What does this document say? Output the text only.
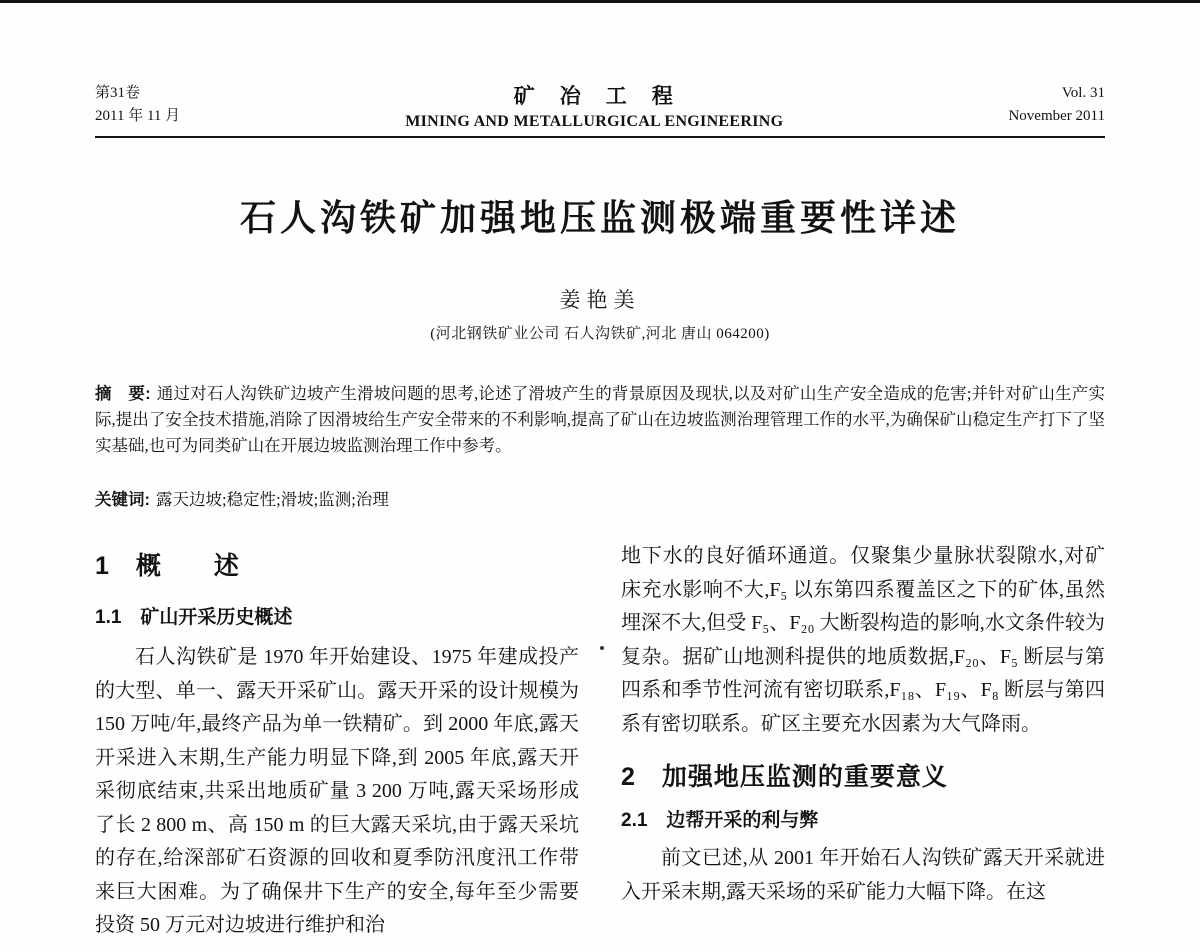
第31卷
2011 年 11 月
矿　冶　工　程
MINING AND METALLURGICAL ENGINEERING
Vol. 31
November 2011
石人沟铁矿加强地压监测极端重要性详述
姜艳美
(河北钢铁矿业公司 石人沟铁矿,河北 唐山 064200)

摘　要: 通过对石人沟铁矿边坡产生滑坡问题的思考,论述了滑坡产生的背景原因及现状,以及对矿山生产安全造成的危害;并针对矿山生产实际,提出了安全技术措施,消除了因滑坡给生产安全带来的不利影响,提高了矿山在边坡监测治理管理工作的水平,为确保矿山稳定生产打下了坚实基础,也可为同类矿山在开展边坡监测治理工作中参考。

关键词: 露天边坡;稳定性;滑坡;监测;治理

1　概　　述
1.1　矿山开采历史概述

石人沟铁矿是 1970 年开始建设、1975 年建成投产的大型、单一、露天开采矿山。露天开采的设计规模为 150 万吨/年,最终产品为单一铁精矿。到 2000 年底,露天开采进入末期,生产能力明显下降,到 2005 年底,露天开采彻底结束,共采出地质矿量 3 200 万吨,露天采场形成了长 2 800 m、高 150 m 的巨大露天采坑,由于露天采坑的存在,给深部矿石资源的回收和夏季防汛度汛工作带来巨大困难。为了确保井下生产的安全,每年至少需要投资 50 万元对边坡进行维护和治

地下水的良好循环通道。仅聚集少量脉状裂隙水,对矿床充水影响不大,F₅ 以东第四系覆盖区之下的矿体,虽然埋深不大,但受 F₅、F₂₀ 大断裂构造的影响,水文条件较为复杂。据矿山地测科提供的地质数据,F₂₀、F₅ 断层与第四系和季节性河流有密切联系,F₁₈、F₁₉、F₈ 断层与第四系有密切联系。矿区主要充水因素为大气降雨。

2　加强地压监测的重要意义
2.1　边帮开采的利与弊

前文已述,从 2001 年开始石人沟铁矿露天开采就进入开采末期,露天采场的采矿能力大幅下降。在这
